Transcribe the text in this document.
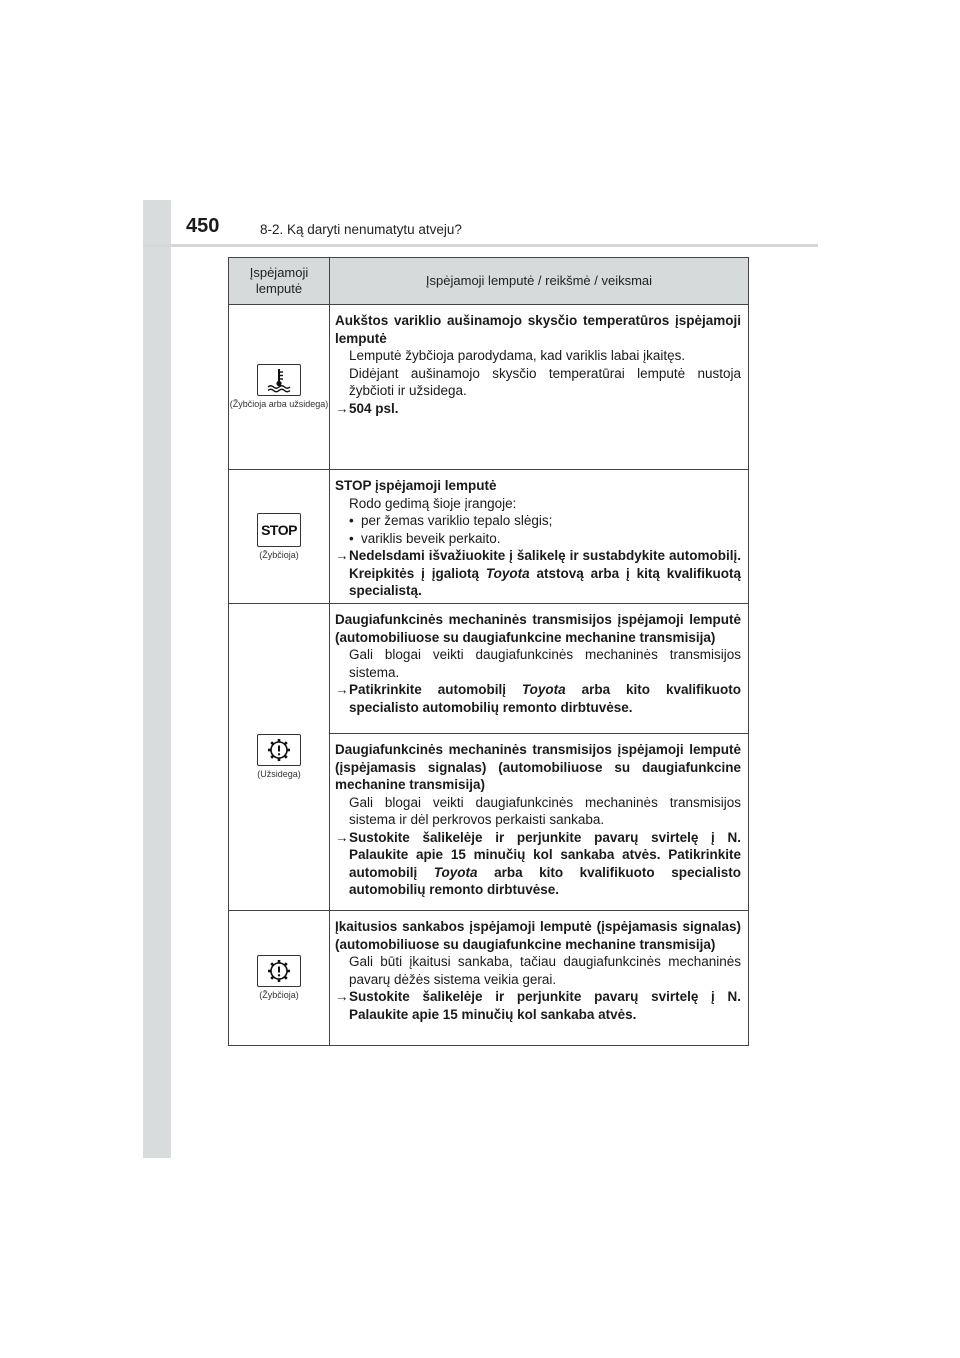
450	8-2. Ką daryti nenumatytu atveju?
Įspėjamoji lemputė
Įspėjamoji lemputė / reikšmė / veiksmai
(Žybčioja arba užsidega)
Aukštos variklio aušinamojo skysčio temperatūros įspėjamoji lemputė
Lemputė žybčioja parodydama, kad variklis labai įkaitęs.
Didėjant aušinamojo skysčio temperatūrai lemputė nustoja žybčioti ir užsidega.
→504 psl.
STOP
(Žybčioja)
STOP įspėjamoji lemputė
Rodo gedimą šioje įrangoje:
• per žemas variklio tepalo slėgis;
• variklis beveik perkaito.
→Nedelsdami išvažiuokite į šalikelę ir sustabdykite automobilį. Kreipkitės į įgaliotą Toyota atstovą arba į kitą kvalifikuotą specialistą.
(Užsidega)
Daugiafunkcinės mechaninės transmisijos įspėjamoji lemputė (automobiliuose su daugiafunkcine mechanine transmisija)
Gali blogai veikti daugiafunkcinės mechaninės transmisijos sistema.
→Patikrinkite automobilį Toyota arba kito kvalifikuoto specialisto automobilių remonto dirbtuvėse.
Daugiafunkcinės mechaninės transmisijos įspėjamoji lemputė (įspėjamasis signalas) (automobiliuose su daugiafunkcine mechanine transmisija)
Gali blogai veikti daugiafunkcinės mechaninės transmisijos sistema ir dėl perkrovos perkaisti sankaba.
→Sustokite šalikelėje ir perjunkite pavarų svirtelę į N. Palaukite apie 15 minučių kol sankaba atvės. Patikrinkite automobilį Toyota arba kito kvalifikuoto specialisto automobilių remonto dirbtuvėse.
(Žybčioja)
Įkaitusios sankabos įspėjamoji lemputė (įspėjamasis signalas) (automobiliuose su daugiafunkcine mechanine transmisija)
Gali būti įkaitusi sankaba, tačiau daugiafunkcinės mechaninės pavarų dėžės sistema veikia gerai.
→Sustokite šalikelėje ir perjunkite pavarų svirtelę į N. Palaukite apie 15 minučių kol sankaba atvės.
